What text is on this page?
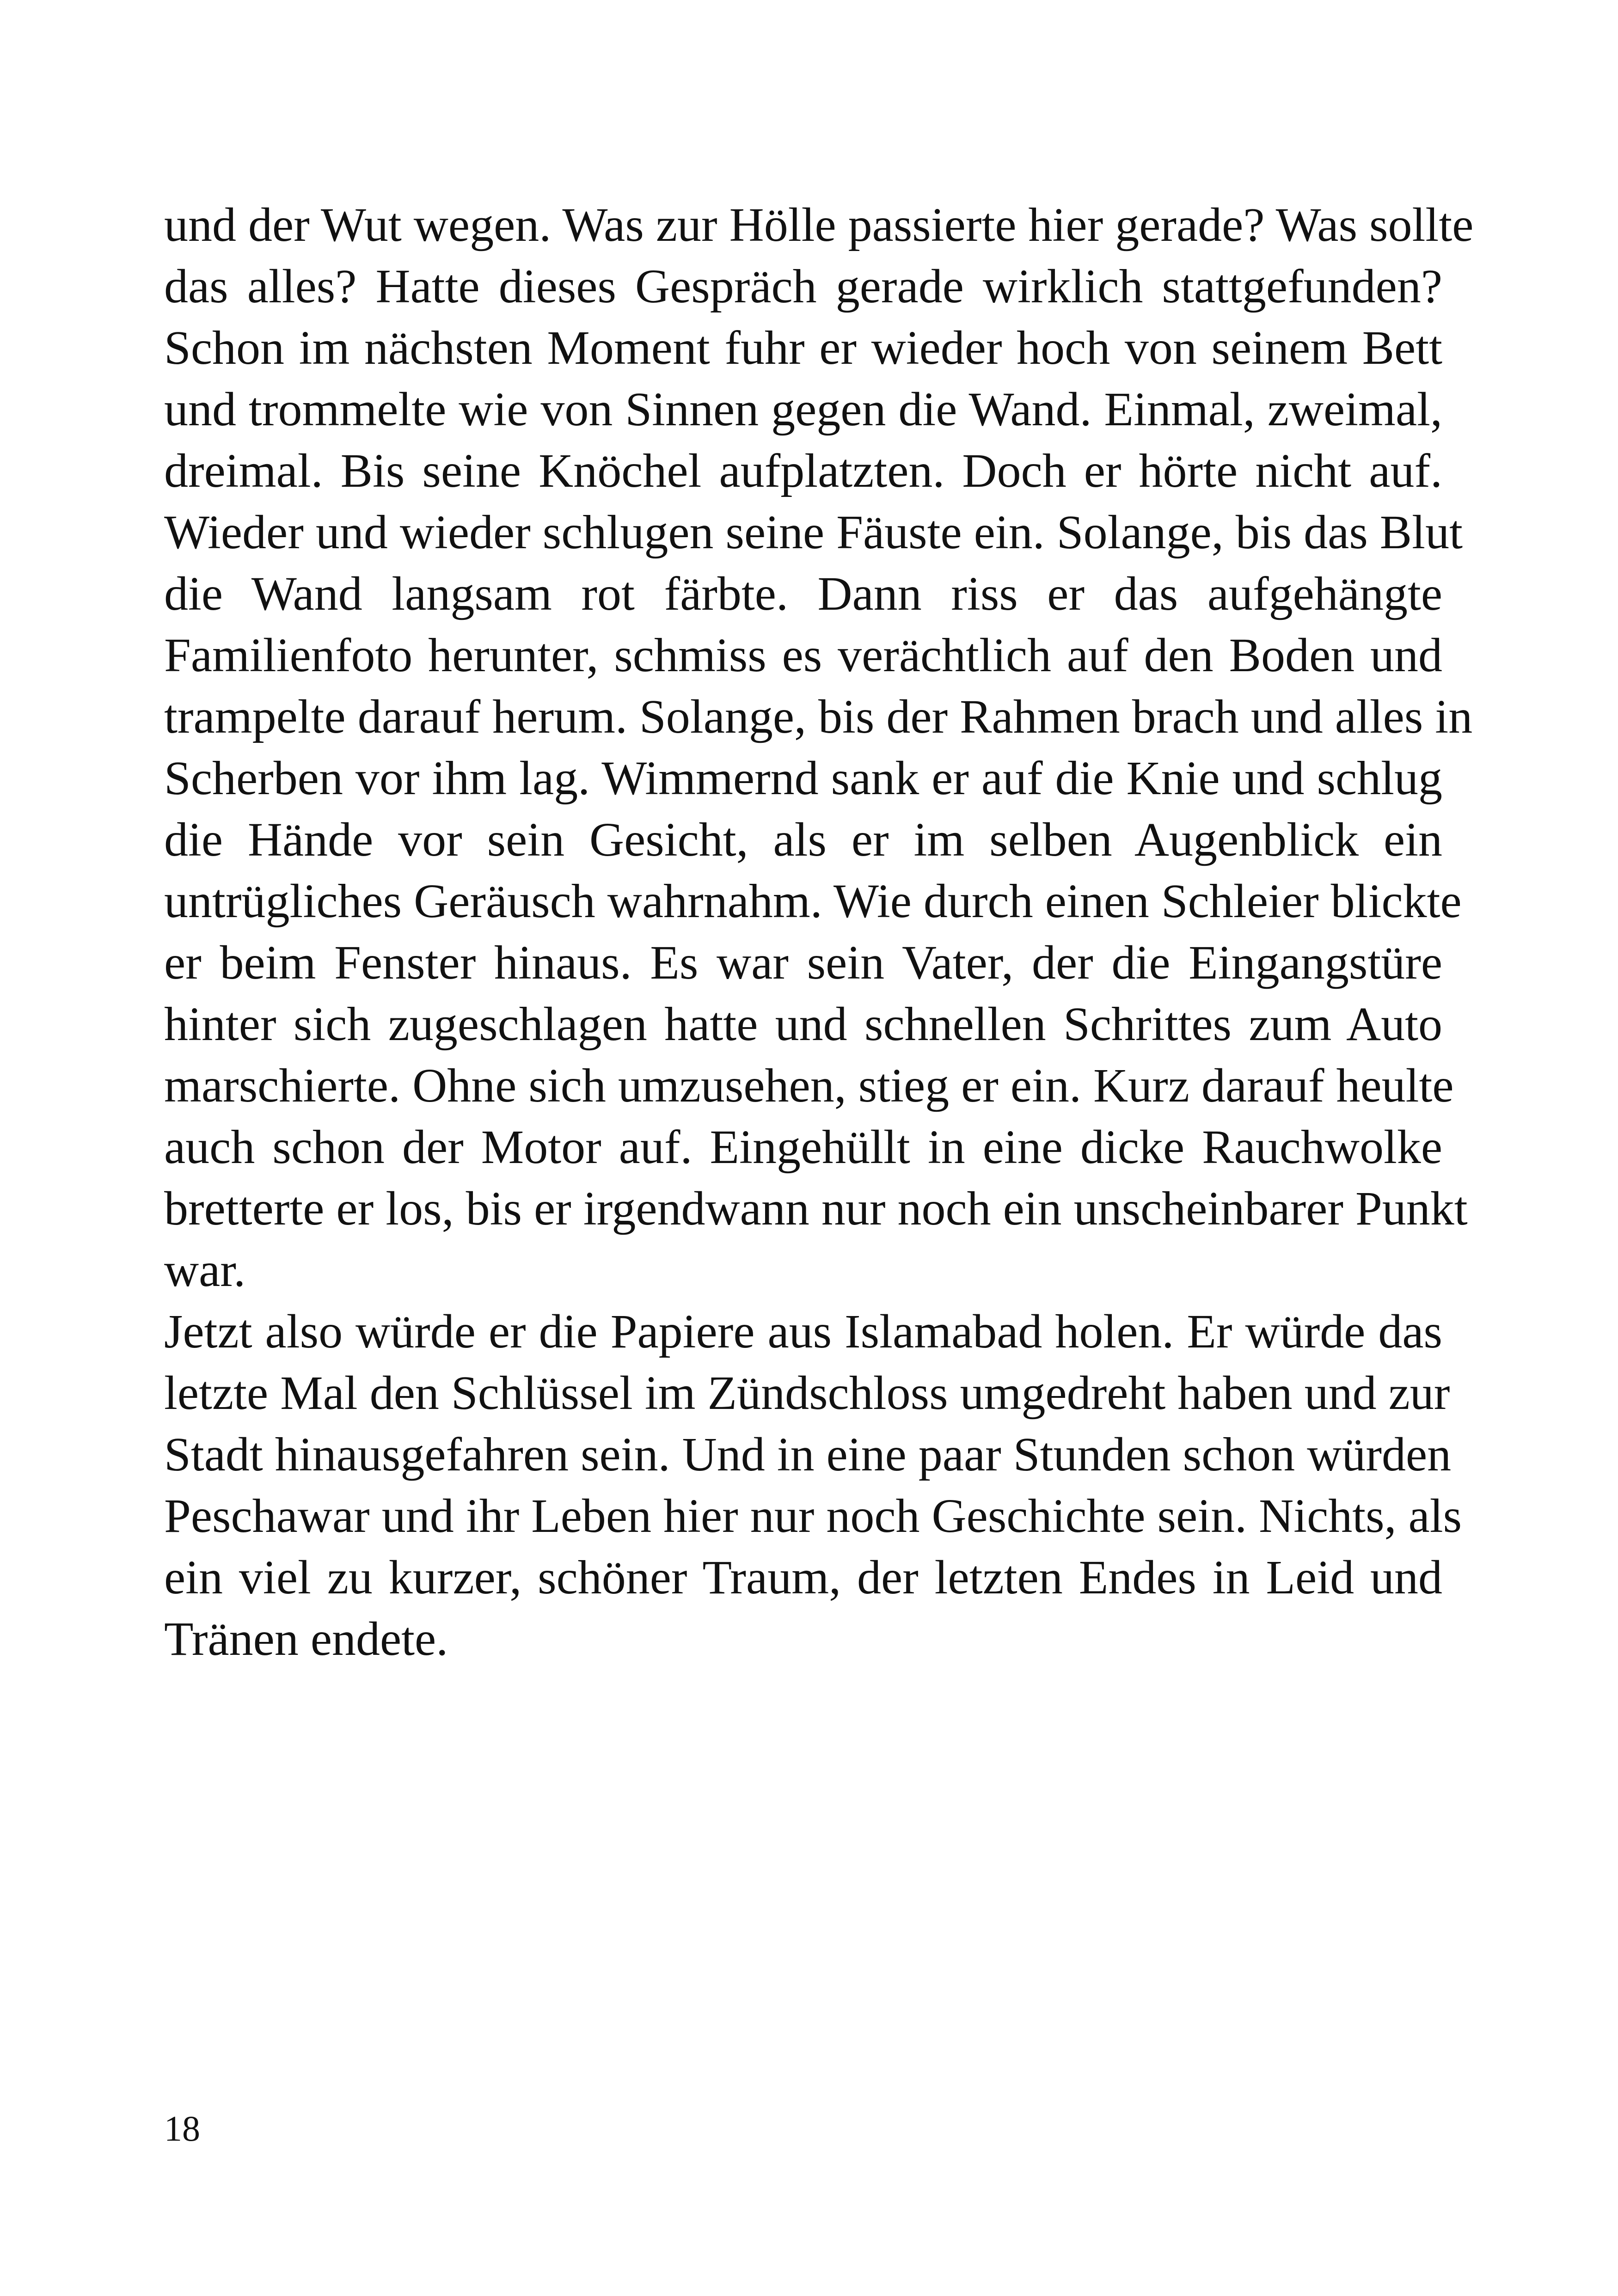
und der Wut wegen. Was zur Hölle passierte hier gerade? Was sollte
das alles? Hatte dieses Gespräch gerade wirklich stattgefunden?
Schon im nächsten Moment fuhr er wieder hoch von seinem Bett
und trommelte wie von Sinnen gegen die Wand. Einmal, zweimal,
dreimal. Bis seine Knöchel aufplatzten. Doch er hörte nicht auf.
Wieder und wieder schlugen seine Fäuste ein. Solange, bis das Blut
die Wand langsam rot färbte. Dann riss er das aufgehängte
Familienfoto herunter, schmiss es verächtlich auf den Boden und
trampelte darauf herum. Solange, bis der Rahmen brach und alles in
Scherben vor ihm lag. Wimmernd sank er auf die Knie und schlug
die Hände vor sein Gesicht, als er im selben Augenblick ein
untrügliches Geräusch wahrnahm. Wie durch einen Schleier blickte
er beim Fenster hinaus. Es war sein Vater, der die Eingangstüre
hinter sich zugeschlagen hatte und schnellen Schrittes zum Auto
marschierte. Ohne sich umzusehen, stieg er ein. Kurz darauf heulte
auch schon der Motor auf. Eingehüllt in eine dicke Rauchwolke
bretterte er los, bis er irgendwann nur noch ein unscheinbarer Punkt
war.
Jetzt also würde er die Papiere aus Islamabad holen. Er würde das
letzte Mal den Schlüssel im Zündschloss umgedreht haben und zur
Stadt hinausgefahren sein. Und in eine paar Stunden schon würden
Peschawar und ihr Leben hier nur noch Geschichte sein. Nichts, als
ein viel zu kurzer, schöner Traum, der letzten Endes in Leid und
Tränen endete.
18
